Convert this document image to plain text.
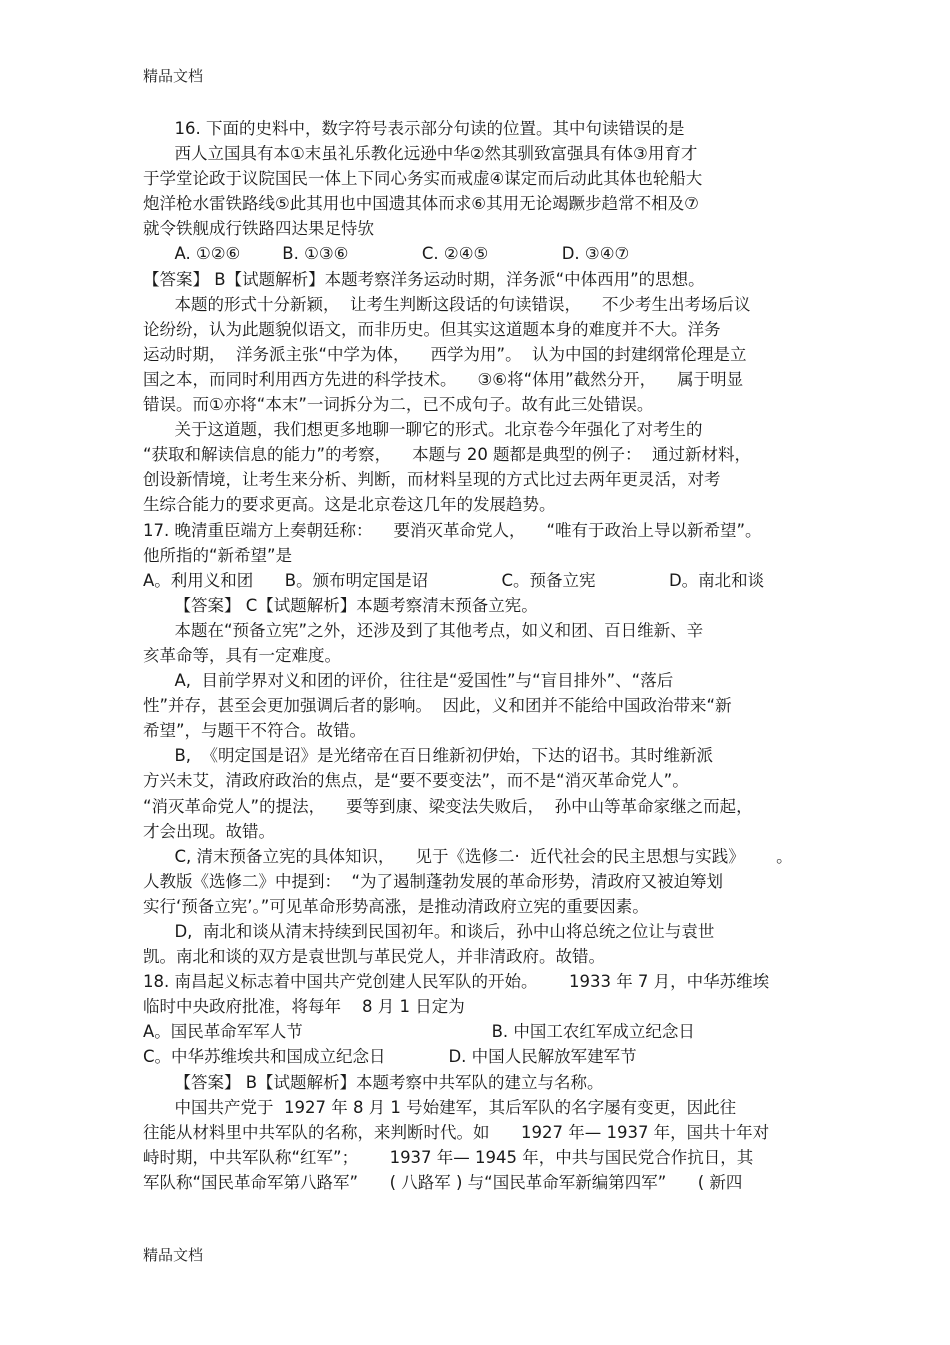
精品文档
16. 下面的史料中，数字符号表示部分句读的位置。其中句读错误的是
西人立国具有本①末虽礼乐教化远逊中华②然其驯致富强具有体③用育才
于学堂论政于议院国民一体上下同心务实而戒虚④谋定而后动此其体也轮船大
炮洋枪水雷铁路线⑤此其用也中国遗其体而求⑥其用无论竭蹶步趋常不相及⑦
就令铁舰成行铁路四达果足恃欤
A. ①②⑥        B. ①③⑥              C. ②④⑤              D. ③④⑦
【答案】 B【试题解析】本题考察洋务运动时期，洋务派“中体西用”的思想。
本题的形式十分新颖，  让考生判断这段话的句读错误，    不少考生出考场后议
论纷纷，认为此题貌似语文，而非历史。但其实这道题本身的难度并不大。洋务
运动时期，  洋务派主张“中学为体，    西学为用”。  认为中国的封建纲常伦理是立
国之本，而同时利用西方先进的科学技术。    ③⑥将“体用”截然分开，    属于明显
错误。而①亦将“本末”一词拆分为二，已不成句子。故有此三处错误。
关于这道题，我们想更多地聊一聊它的形式。北京卷今年强化了对考生的
“获取和解读信息的能力”的考察，    本题与 20 题都是典型的例子：  通过新材料，
创设新情境，让考生来分析、判断，而材料呈现的方式比过去两年更灵活，对考
生综合能力的要求更高。这是北京卷这几年的发展趋势。
17. 晚清重臣端方上奏朝廷称：    要消灭革命党人，    “唯有于政治上导以新希望”。
他所指的“新希望”是
A。利用义和团      B。颁布明定国是诏              C。预备立宪              D。南北和谈
【答案】 C【试题解析】本题考察清末预备立宪。
本题在“预备立宪”之外，还涉及到了其他考点，如义和团、百日维新、辛
亥革命等，具有一定难度。
A,  目前学界对义和团的评价，往往是“爱国性”与“盲目排外”、“落后
性”并存，甚至会更加强调后者的影响。  因此，义和团并不能给中国政治带来“新
希望”，与题干不符合。故错。
B,  《明定国是诏》是光绪帝在百日维新初伊始，下达的诏书。其时维新派
方兴未艾，清政府政治的焦点，是“要不要变法”，而不是“消灭革命党人”。
“消灭革命党人”的提法，    要等到康、梁变法失败后，  孙中山等革命家继之而起，
才会出现。故错。
C, 清末预备立宪的具体知识，    见于《选修二·  近代社会的民主思想与实践》      。
人教版《选修二》中提到：  “为了遏制蓬勃发展的革命形势，清政府又被迫筹划
实行‘预备立宪’。”可见革命形势高涨，是推动清政府立宪的重要因素。
D,  南北和谈从清末持续到民国初年。和谈后，孙中山将总统之位让与袁世
凯。南北和谈的双方是袁世凯与革民党人，并非清政府。故错。
18. 南昌起义标志着中国共产党创建人民军队的开始。      1933 年 7 月，中华苏维埃
临时中央政府批准，将每年    8 月 1 日定为
A。国民革命军军人节                                    B. 中国工农红军成立纪念日
C。中华苏维埃共和国成立纪念日            D. 中国人民解放军建军节
【答案】 B【试题解析】本题考察中共军队的建立与名称。
中国共产党于  1927 年 8 月 1 号始建军，其后军队的名字屡有变更，因此往
往能从材料里中共军队的名称，来判断时代。如      1927 年— 1937 年，国共十年对
峙时期，中共军队称“红军”；      1937 年— 1945 年，中共与国民党合作抗日，其
军队称“国民革命军第八路军”      ( 八路军 ) 与“国民革命军新编第四军”      ( 新四
精品文档
